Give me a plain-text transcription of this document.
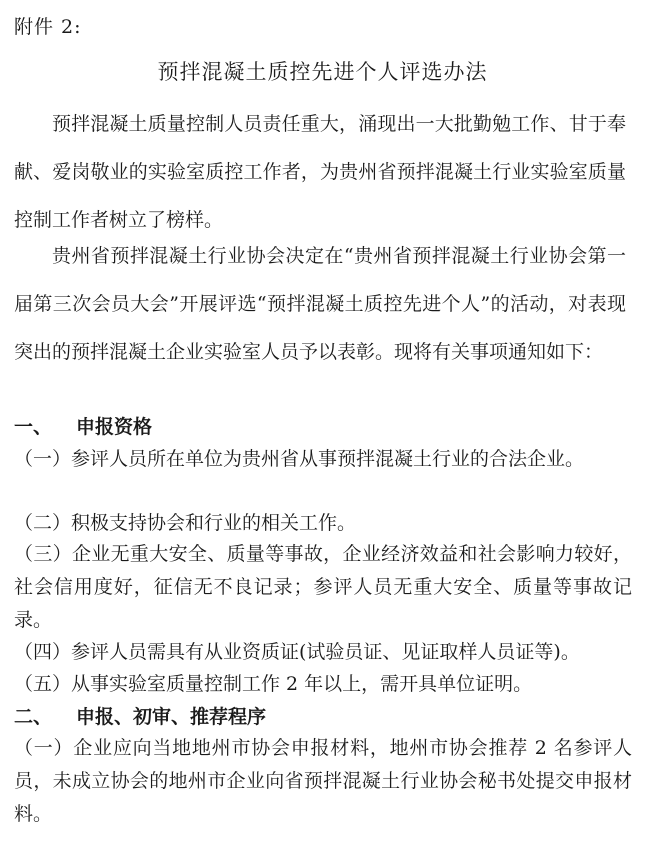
附件 2:
预拌混凝土质控先进个人评选办法
预拌混凝土质量控制人员责任重大，涌现出一大批勤勉工作、甘于奉献、爱岗敬业的实验室质控工作者，为贵州省预拌混凝土行业实验室质量控制工作者树立了榜样。
贵州省预拌混凝土行业协会决定在“贵州省预拌混凝土行业协会第一届第三次会员大会”开展评选“预拌混凝土质控先进个人”的活动，对表现突出的预拌混凝土企业实验室人员予以表彰。现将有关事项通知如下：
一、 申报资格
（一）参评人员所在单位为贵州省从事预拌混凝土行业的合法企业。
（二）积极支持协会和行业的相关工作。
（三）企业无重大安全、质量等事故，企业经济效益和社会影响力较好，社会信用度好，征信无不良记录；参评人员无重大安全、质量等事故记录。
（四）参评人员需具有从业资质证(试验员证、见证取样人员证等)。
（五）从事实验室质量控制工作 2 年以上，需开具单位证明。
二、 申报、初审、推荐程序
（一）企业应向当地地州市协会申报材料，地州市协会推荐 2 名参评人员，未成立协会的地州市企业向省预拌混凝土行业协会秘书处提交申报材料。
